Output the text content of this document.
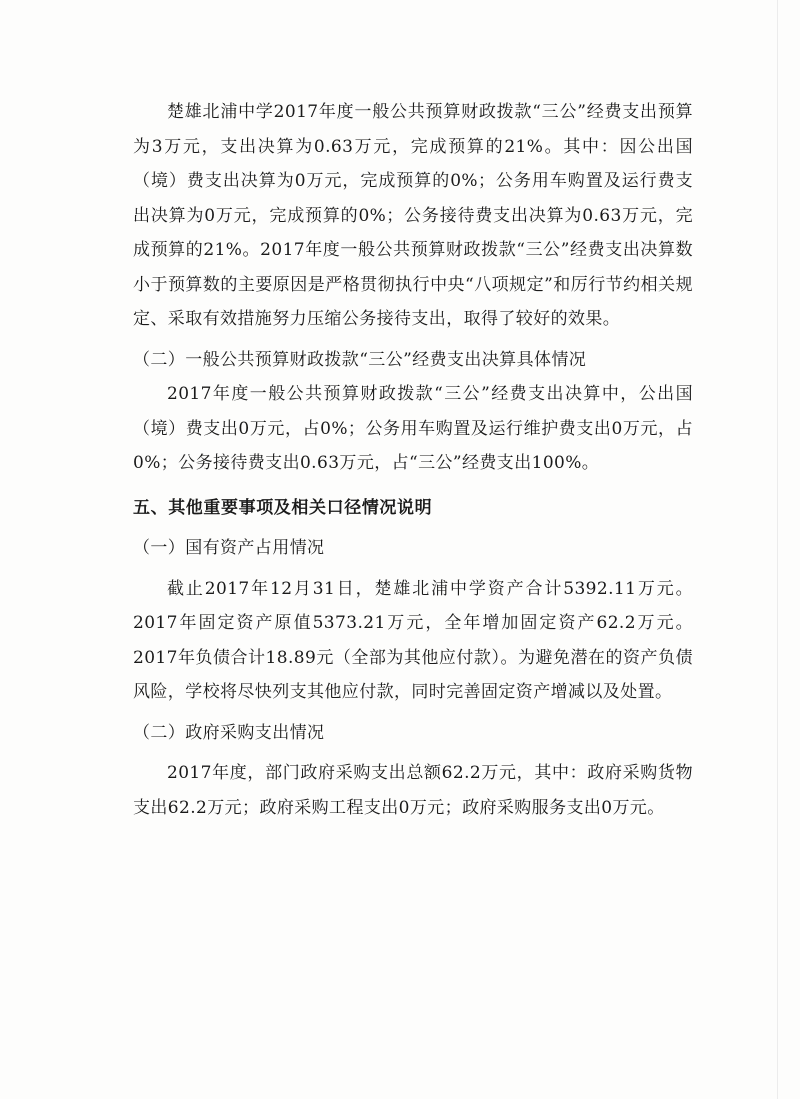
楚雄北浦中学2017年度一般公共预算财政拨款“三公”经费支出预算为3万元，支出决算为0.63万元，完成预算的21%。其中：因公出国（境）费支出决算为0万元，完成预算的0%；公务用车购置及运行费支出决算为0万元，完成预算的0%；公务接待费支出决算为0.63万元，完成预算的21%。2017年度一般公共预算财政拨款“三公”经费支出决算数小于预算数的主要原因是严格贯彻执行中央“八项规定”和厉行节约相关规定、采取有效措施努力压缩公务接待支出，取得了较好的效果。

（二）一般公共预算财政拨款“三公”经费支出决算具体情况

2017年度一般公共预算财政拨款“三公”经费支出决算中，公出国（境）费支出0万元，占0%；公务用车购置及运行维护费支出0万元，占0%；公务接待费支出0.63万元，占“三公”经费支出100%。

五、其他重要事项及相关口径情况说明

（一）国有资产占用情况

截止2017年12月31日，楚雄北浦中学资产合计5392.11万元。2017年固定资产原值5373.21万元，全年增加固定资产62.2万元。2017年负债合计18.89元（全部为其他应付款）。为避免潜在的资产负债风险，学校将尽快列支其他应付款，同时完善固定资产增减以及处置。

（二）政府采购支出情况

2017年度，部门政府采购支出总额62.2万元，其中：政府采购货物支出62.2万元；政府采购工程支出0万元；政府采购服务支出0万元。
